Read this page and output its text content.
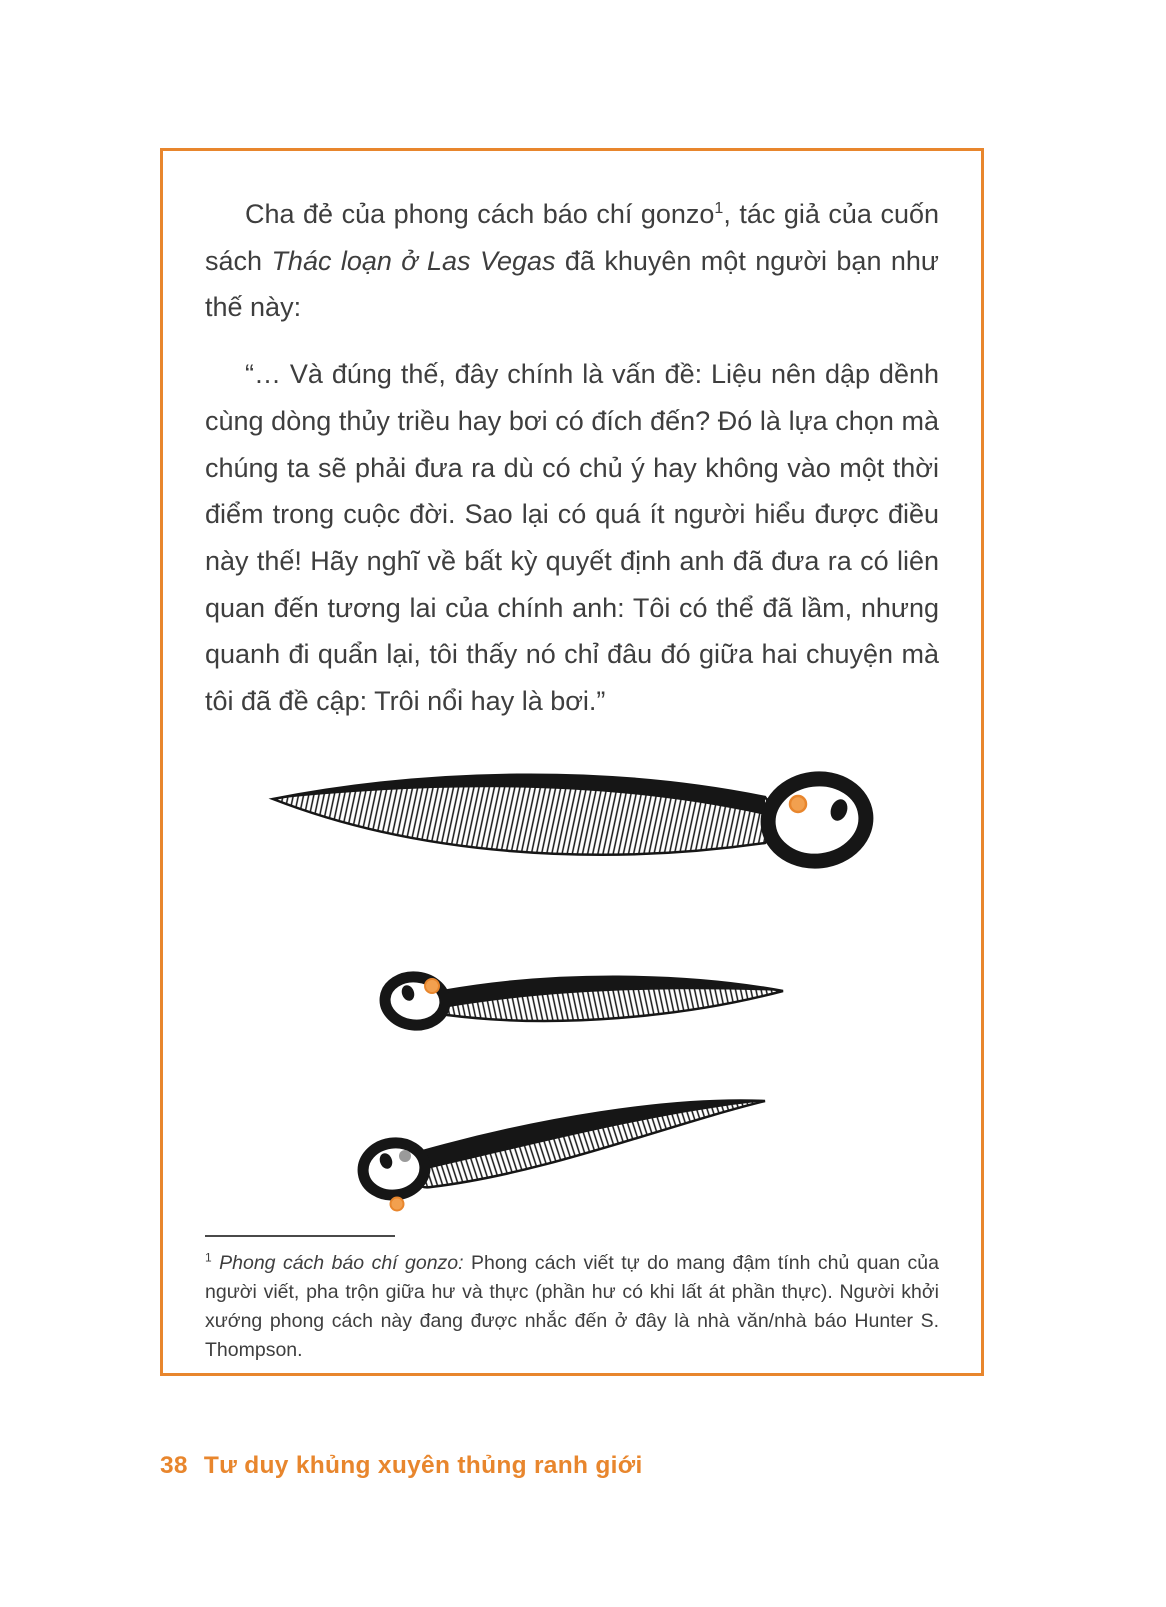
Cha đẻ của phong cách báo chí gonzo$^1$, tác giả của cuốn sách Thác loạn ở Las Vegas đã khuyên một người bạn như thế này:

“… Và đúng thế, đây chính là vấn đề: Liệu nên dập dềnh cùng dòng thủy triều hay bơi có đích đến? Đó là lựa chọn mà chúng ta sẽ phải đưa ra dù có chủ ý hay không vào một thời điểm trong cuộc đời. Sao lại có quá ít người hiểu được điều này thế! Hãy nghĩ về bất kỳ quyết định anh đã đưa ra có liên quan đến tương lai của chính anh: Tôi có thể đã lầm, nhưng quanh đi quẩn lại, tôi thấy nó chỉ đâu đó giữa hai chuyện mà tôi đã đề cập: Trôi nổi hay là bơi.”

$^1$ Phong cách báo chí gonzo: Phong cách viết tự do mang đậm tính chủ quan của người viết, pha trộn giữa hư và thực (phần hư có khi lất át phần thực). Người khởi xướng phong cách này đang được nhắc đến ở đây là nhà văn/nhà báo Hunter S. Thompson.

38 Tư duy khủng xuyên thủng ranh giới
